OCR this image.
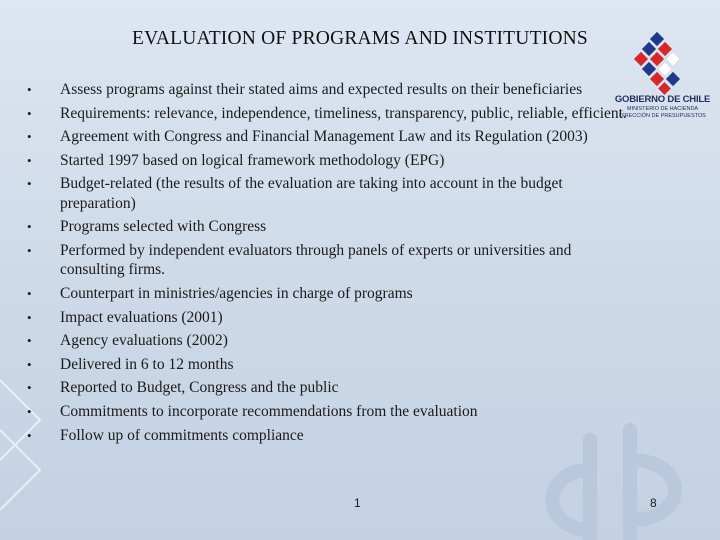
EVALUATION OF PROGRAMS AND INSTITUTIONS
GOBIERNO DE CHILE
MINISTERIO DE HACIENDA
DIRECCIÓN DE PRESUPUESTOS
•	Assess programs against their stated aims and expected results on their beneficiaries
•	Requirements: relevance, independence, timeliness, transparency, public, reliable, efficient.
•	Agreement with Congress and Financial Management Law and its Regulation (2003)
•	Started 1997 based on logical framework methodology (EPG)
•	Budget-related (the results of the evaluation are taking into account in the budget preparation)
•	Programs selected with Congress
•	Performed by independent evaluators through panels of experts or universities and consulting firms.
•	Counterpart in ministries/agencies in charge of programs
•	Impact evaluations (2001)
•	Agency evaluations (2002)
•	Delivered in 6 to 12 months
•	Reported to Budget, Congress and the public
•	Commitments to incorporate recommendations from the evaluation
•	Follow up of commitments compliance
1	8
